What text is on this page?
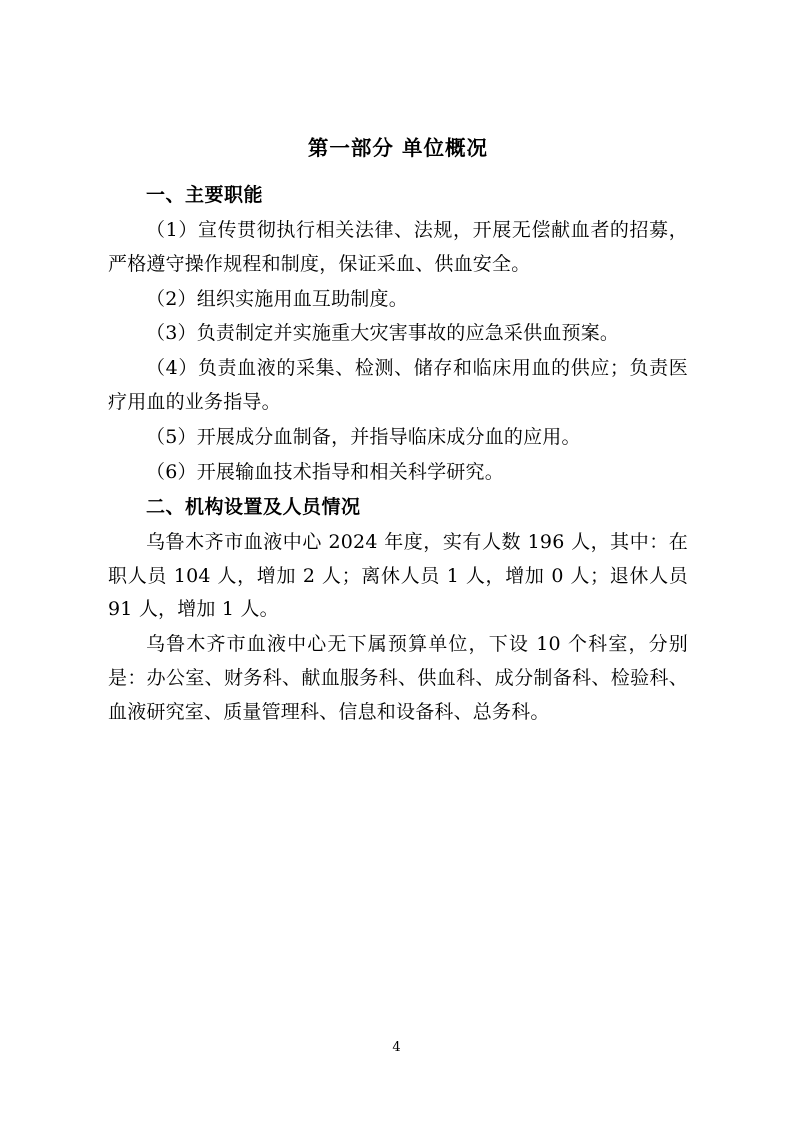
第一部分 单位概况
一、主要职能

（1）宣传贯彻执行相关法律、法规，开展无偿献血者的招募，严格遵守操作规程和制度，保证采血、供血安全。

（2）组织实施用血互助制度。

（3）负责制定并实施重大灾害事故的应急采供血预案。

（4）负责血液的采集、检测、储存和临床用血的供应；负责医疗用血的业务指导。

（5）开展成分血制备，并指导临床成分血的应用。

（6）开展输血技术指导和相关科学研究。

二、机构设置及人员情况

乌鲁木齐市血液中心 2024 年度，实有人数 196 人，其中：在职人员 104 人，增加 2 人；离休人员 1 人，增加 0 人；退休人员 91 人，增加 1 人。

乌鲁木齐市血液中心无下属预算单位，下设 10 个科室，分别是：办公室、财务科、献血服务科、供血科、成分制备科、检验科、血液研究室、质量管理科、信息和设备科、总务科。

4
